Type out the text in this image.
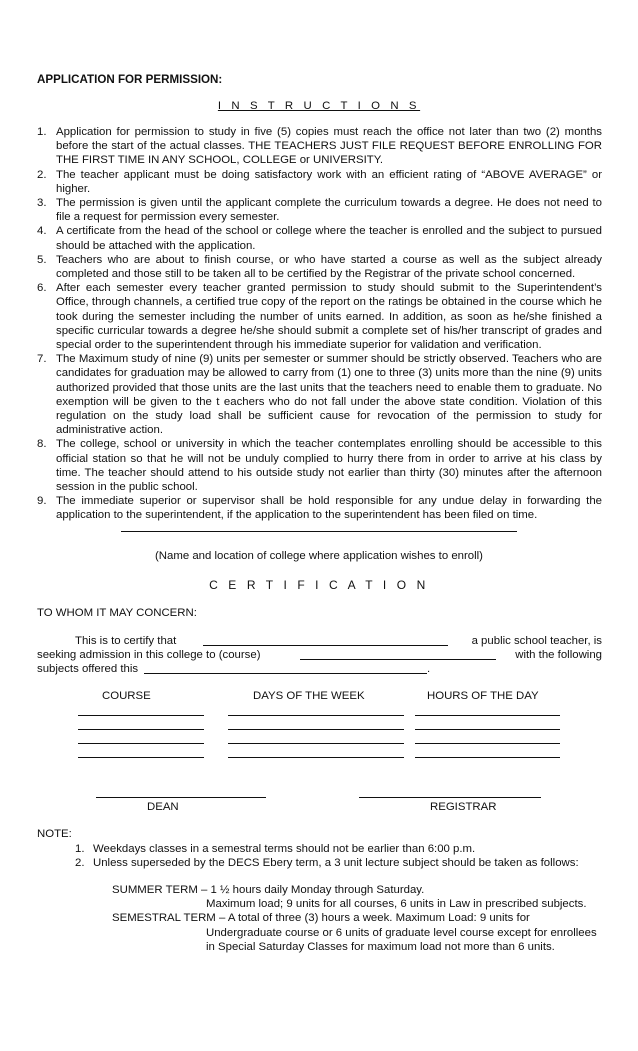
APPLICATION FOR PERMISSION:
I N S T R U C T I O N S
1. Application for permission to study in five (5) copies must reach the office not later than two (2) months before the start of the actual classes. THE TEACHERS JUST FILE REQUEST BEFORE ENROLLING FOR THE FIRST TIME IN ANY SCHOOL, COLLEGE or UNIVERSITY.
2. The teacher applicant must be doing satisfactory work with an efficient rating of “ABOVE AVERAGE” or higher.
3. The permission is given until the applicant complete the curriculum towards a degree. He does not need to file a request for permission every semester.
4. A certificate from the head of the school or college where the teacher is enrolled and the subject to pursued should be attached with the application.
5. Teachers who are about to finish course, or who have started a course as well as the subject already completed and those still to be taken all to be certified by the Registrar of the private school concerned.
6. After each semester every teacher granted permission to study should submit to the Superintendent’s Office, through channels, a certified true copy of the report on the ratings be obtained in the course which he took during the semester including the number of units earned. In addition, as soon as he/she finished a specific curricular towards a degree he/she should submit a complete set of his/her transcript of grades and special order to the superintendent through his immediate superior for validation and verification.
7. The Maximum study of nine (9) units per semester or summer should be strictly observed. Teachers who are candidates for graduation may be allowed to carry from (1) one to three (3) units more than the nine (9) units authorized provided that those units are the last units that the teachers need to enable them to graduate. No exemption will be given to the t eachers who do not fall under the above state condition. Violation of this regulation on the study load shall be sufficient cause for revocation of the permission to study for administrative action.
8. The college, school or university in which the teacher contemplates enrolling should be accessible to this official station so that he will not be unduly complied to hurry there from in order to arrive at his class by time. The teacher should attend to his outside study not earlier than thirty (30) minutes after the afternoon session in the public school.
9. The immediate superior or supervisor shall be hold responsible for any undue delay in forwarding the application to the superintendent, if the application to the superintendent has been filed on time.
(Name and location of college where application wishes to enroll)
C E R T I F I C A T I O N
TO WHOM IT MAY CONCERN:
This is to certify that	a public school teacher, is
seeking admission in this college to (course)	with the following
subjects offered this	.
COURSE	DAYS OF THE WEEK	HOURS OF THE DAY
DEAN	REGISTRAR
NOTE:
1. Weekdays classes in a semestral terms should not be earlier than 6:00 p.m.
2. Unless superseded by the DECS Ebery term, a 3 unit lecture subject should be taken as follows:
SUMMER TERM – 1 ½ hours daily Monday through Saturday.
Maximum load; 9 units for all courses, 6 units in Law in prescribed subjects.
SEMESTRAL TERM – A total of three (3) hours a week. Maximum Load: 9 units for
Undergraduate course or 6 units of graduate level course except for enrollees
in Special Saturday Classes for maximum load not more than 6 units.
